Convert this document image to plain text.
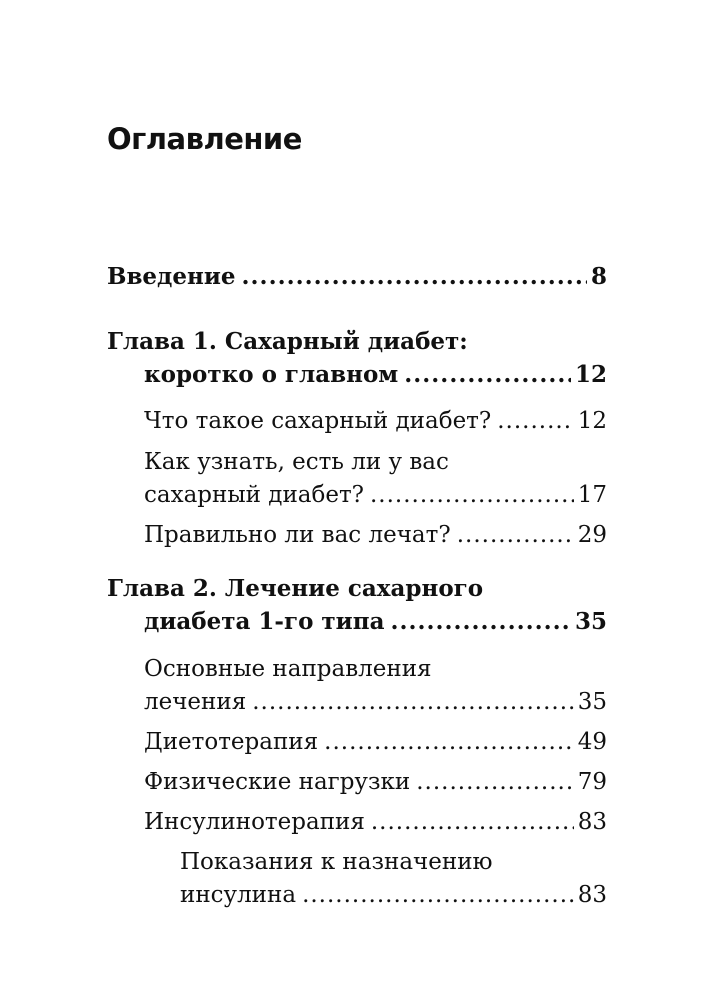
Оглавление
Введение .....	8
Глава 1. Сахарный диабет:
коротко о главном .....	12
Что такое сахарный диабет? .....	12
Как узнать, есть ли у вас
сахарный диабет? .....	17
Правильно ли вас лечат? .....	29
Глава 2. Лечение сахарного
диабета 1-го типа .....	35
Основные направления
лечения .....	35
Диетотерапия .....	49
Физические нагрузки .....	79
Инсулинотерапия .....	83
Показания к назначению
инсулина .....	83
